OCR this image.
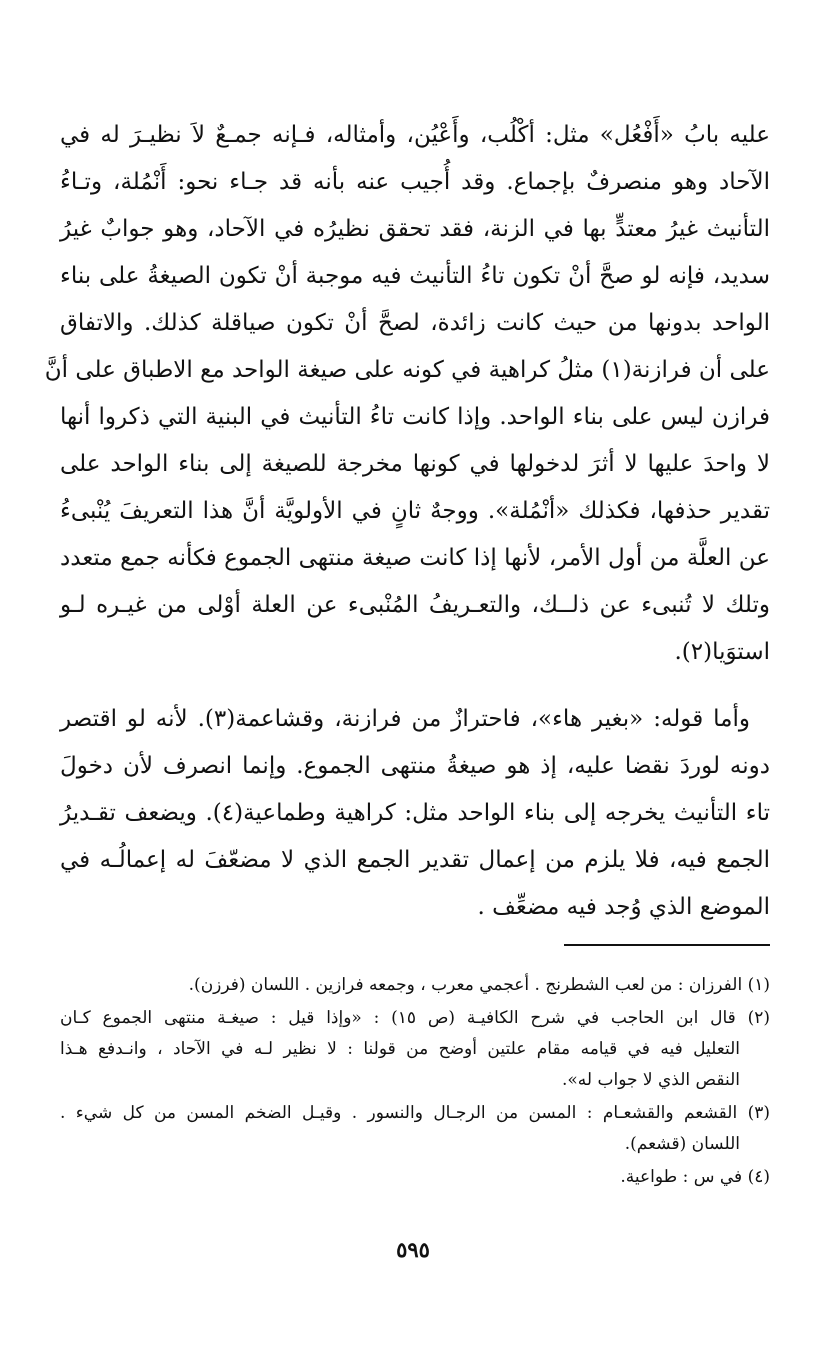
عليه بابُ «أَفْعُل» مثل: أكْلُب، وأَعْيُن، وأمثاله، فـإنه جمـعٌ لاَ نظيـرَ له في
الآحاد وهو منصرفٌ بإجماع. وقد أُجيب عنه بأنه قد جـاء نحو: أَنْمُلة، وتـاءُ
التأنيث غيرُ معتدٍّ بها في الزنة، فقد تحقق نظيرُه في الآحاد، وهو جوابٌ غيرُ
سديد، فإنه لو صحَّ أنْ تكون تاءُ التأنيث فيه موجبة أنْ تكون الصيغةُ على بناء
الواحد بدونها من حيث كانت زائدة، لصحَّ أنْ تكون صياقلة كذلك. والاتفاق
على أن فرازنة(١) مثلُ كراهية في كونه على صيغة الواحد مع الاطباق على أنَّ
فرازن ليس على بناء الواحد. وإذا كانت تاءُ التأنيث في البنية التي ذكروا أنها
لا واحدَ عليها لا أثرَ لدخولها في كونها مخرجة للصيغة إلى بناء الواحد على
تقدير حذفها، فكذلك «أنْمُلة». ووجهٌ ثانٍ في الأولويَّة أنَّ هذا التعريفَ يُنْبىءُ
عن العلَّة من أول الأمر، لأنها إذا كانت صيغة منتهى الجموع فكأنه جمع متعدد
وتلك لا تُنبىء عن ذلــك، والتعـريفُ المُنْبىء عن العلة أوْلى من غيـره لـو
استوَيا(٢).

وأما قوله: «بغير هاء»، فاحترازٌ من فرازنة، وقشاعمة(٣). لأنه لو اقتصر
دونه لوردَ نقضا عليه، إذ هو صيغةُ منتهى الجموع. وإنما انصرف لأن دخولَ
تاء التأنيث يخرجه إلى بناء الواحد مثل: كراهية وطماعية(٤). ويضعف تقـديرُ
الجمع فيه، فلا يلزم من إعمال تقدير الجمع الذي لا مضعّفَ له إعمالُـه في
الموضع الذي وُجد فيه مضعِّف .

(١) الفرزان : من لعب الشطرنج . أعجمي معرب ، وجمعه فرازين . اللسان (فرزن).
(٢) قال ابن الحاجب في شرح الكافيـة (ص ١٥) : «وإذا قيل : صيغـة منتهى الجموع كـان
التعليل فيه في قيامه مقام علتين أوضح من قولنا : لا نظير لـه في الآحاد ، وانـدفع هـذا
النقص الذي لا جواب له».
(٣) القشعم والقشعـام : المسن من الرجـال والنسور . وقيـل الضخم المسن من كل شيء .
اللسان (قشعم).
(٤) في س : طواعية.
٥٩٥
